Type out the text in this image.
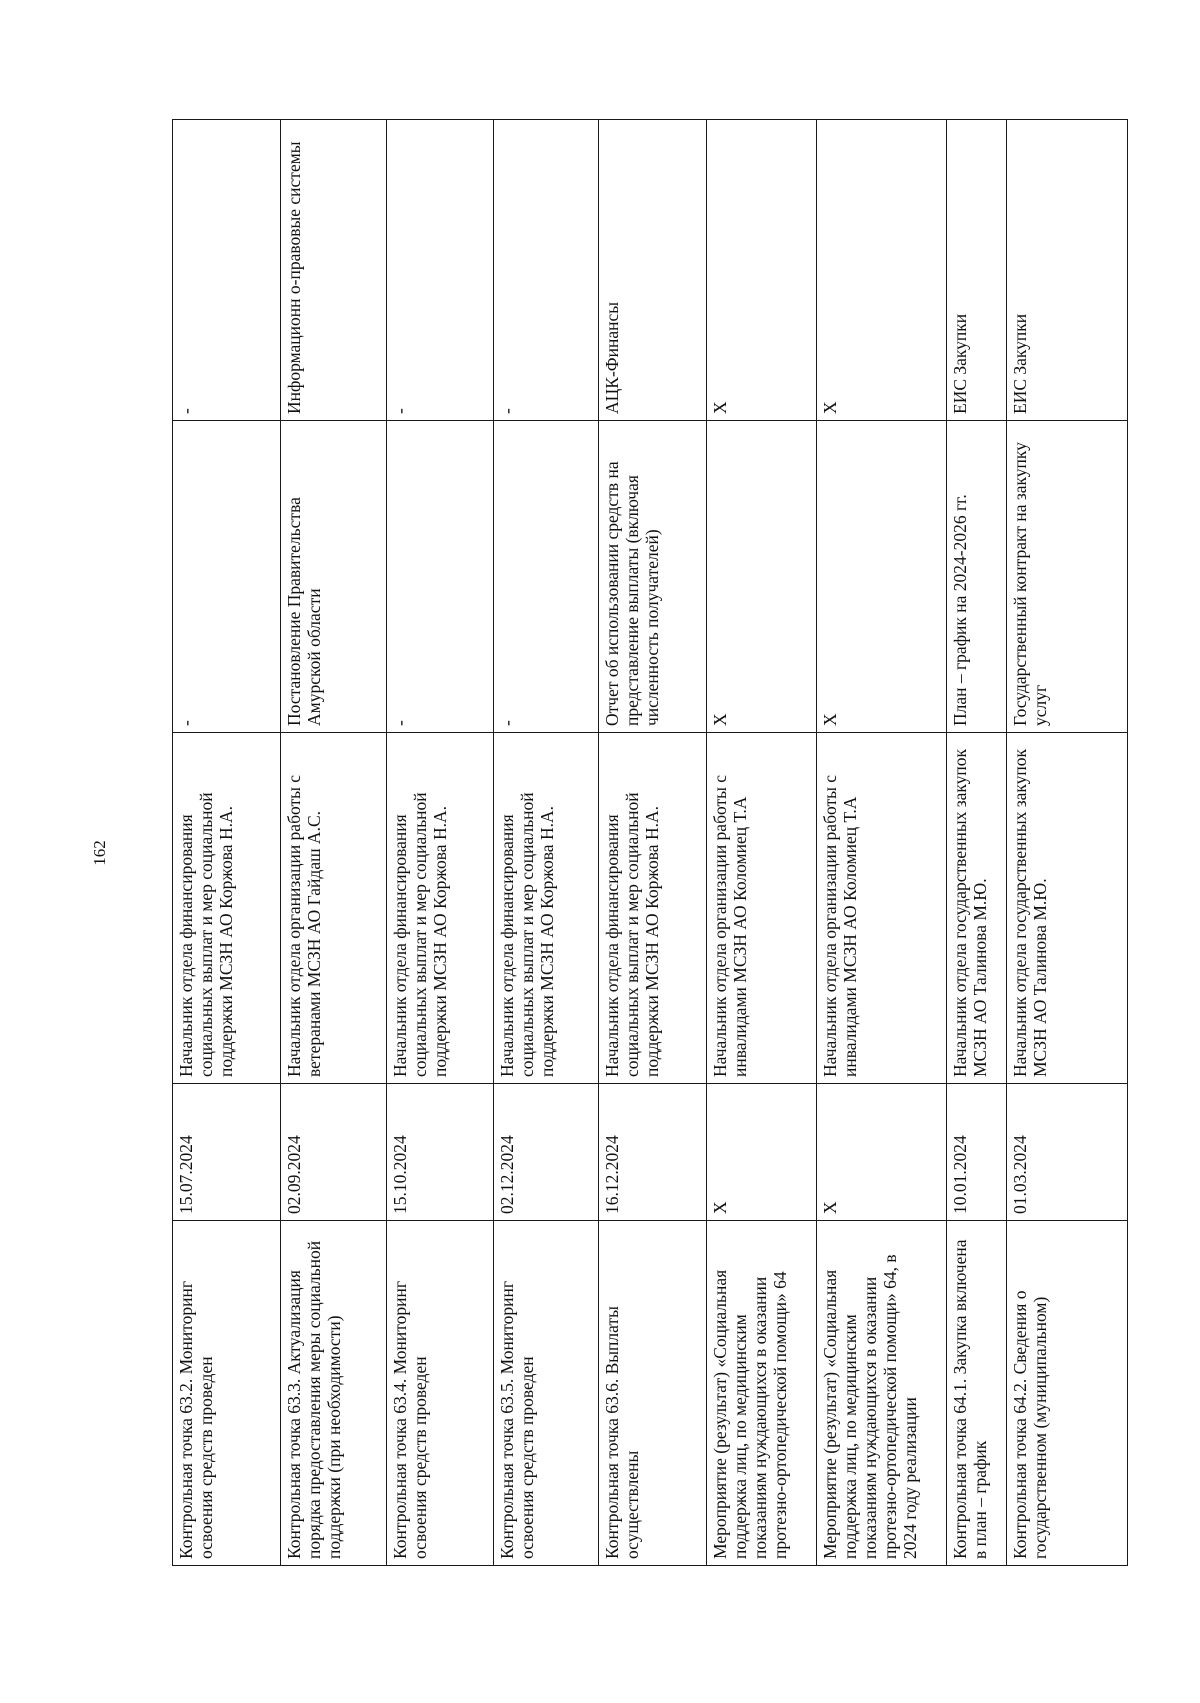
162
Контрольная точка 63.2. Мониторинг освоения средств проведен	15.07.2024	Начальник отдела финансирования социальных выплат и мер социальной поддержки МСЗН АО Коржова Н.А.	-	-
Контрольная точка 63.3. Актуализация порядка предоставления меры социальной поддержки (при необходимости)	02.09.2024	Начальник отдела организации работы с ветеранами МСЗН АО Гайдаш А.С.	Постановление Правительства Амурской области	Информационн о-правовые системы
Контрольная точка 63.4. Мониторинг освоения средств проведен	15.10.2024	Начальник отдела финансирования социальных выплат и мер социальной поддержки МСЗН АО Коржова Н.А.	-	-
Контрольная точка 63.5. Мониторинг освоения средств проведен	02.12.2024	Начальник отдела финансирования социальных выплат и мер социальной поддержки МСЗН АО Коржова Н.А.	-	-
Контрольная точка 63.6. Выплаты осуществлены	16.12.2024	Начальник отдела финансирования социальных выплат и мер социальной поддержки МСЗН АО Коржова Н.А.	Отчет об использовании средств на представление выплаты (включая численность получателей)	АЦК-Финансы
Мероприятие (результат) «Социальная поддержка лиц, по медицинским показаниям нуждающихся в оказании протезно-ортопедической помощи» 64	Х	Начальник отдела организации работы с инвалидами МСЗН АО Коломиец Т.А	Х	Х
Мероприятие (результат) «Социальная поддержка лиц, по медицинским показаниям нуждающихся в оказании протезно-ортопедической помощи» 64, в 2024 году реализации	Х	Начальник отдела организации работы с инвалидами МСЗН АО Коломиец Т.А	Х	Х
Контрольная точка 64.1. Закупка включена в план – график	10.01.2024	Начальник отдела государственных закупок МСЗН АО Талинова М.Ю.	План – график на 2024-2026 гг.	ЕИС Закупки
Контрольная точка 64.2. Сведения о государственном (муниципальном)	01.03.2024	Начальник отдела государственных закупок МСЗН АО Талинова М.Ю.	Государственный контракт на закупку услуг	ЕИС Закупки
